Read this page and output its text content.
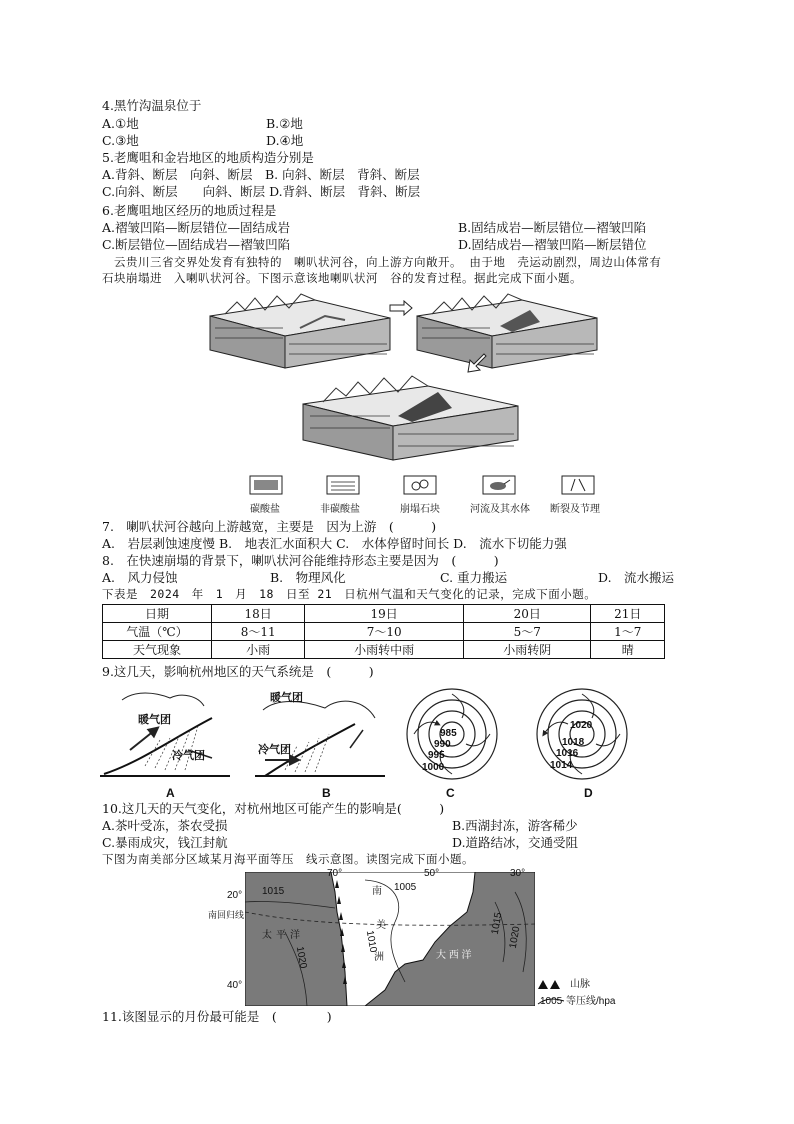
4.黑竹沟温泉位于
A.①地	B.②地
C.③地	D.④地
5.老鹰咀和金岩地区的地质构造分别是
A.背斜、断层　向斜、断层　B. 向斜、断层　背斜、断层
C.向斜、断层　　向斜、断层 D.背斜、断层　背斜、断层
6.老鹰咀地区经历的地质过程是
A.褶皱凹陷—断层错位—固结成岩	B.固结成岩—断层错位—褶皱凹陷
C.断层错位—固结成岩—褶皱凹陷	D.固结成岩—褶皱凹陷—断层错位
　云贵川三省交界处发育有独特的　喇叭状河谷，向上游方向敞开。 由于地　壳运动剧烈，周边山体常有
石块崩塌进　入喇叭状河谷。下图示意该地喇叭状河　谷的发育过程。据此完成下面小题。
碳酸盐	非碳酸盐	崩塌石块	河流及其水体 断裂及节理
7.　喇叭状河谷越向上游越宽，主要是　因为上游　(　　　)
A.　岩层剥蚀速度慢 B.　地表汇水面积大 C.　水体停留时间长 D.　流水下切能力强
8.　在快速崩塌的背景下，喇叭状河谷能维持形态主要是因为　(　　　)
A.　风力侵蚀	B.　物理风化	C. 重力搬运	D.　流水搬运
下表是　2024　年　1　月　18　日至 21　日杭州气温和天气变化的记录，完成下面小题。
日期	18日	19日	20日	21日
气温（℃）	8～11	7～10	5～7	1～7
天气现象	小雨	小雨转中雨	小雨转阴	晴
9.这几天，影响杭州地区的天气系统是　(　　　)
暖气团
冷气团
A
暖气团
冷气团
B
985
990
995
1000
C
1020
1018
1016
1014
D
10.这几天的天气变化，对杭州地区可能产生的影响是(　　　)
A.茶叶受冻，茶农受损	B.西湖封冻，游客稀少
C.暴雨成灾，钱江封航	D.道路结冰，交通受阻
下图为南美部分区域某月海平面等压　线示意图。读图完成下面小题。
70°	50°	30°
20°
40°
南回归线
1015	1005
1010
1020
1015
1020
太 平 洋
南
美
洲	大 西 洋
山脉
1005 等压线/hpa
11.该图显示的月份最可能是　(　　　　)
